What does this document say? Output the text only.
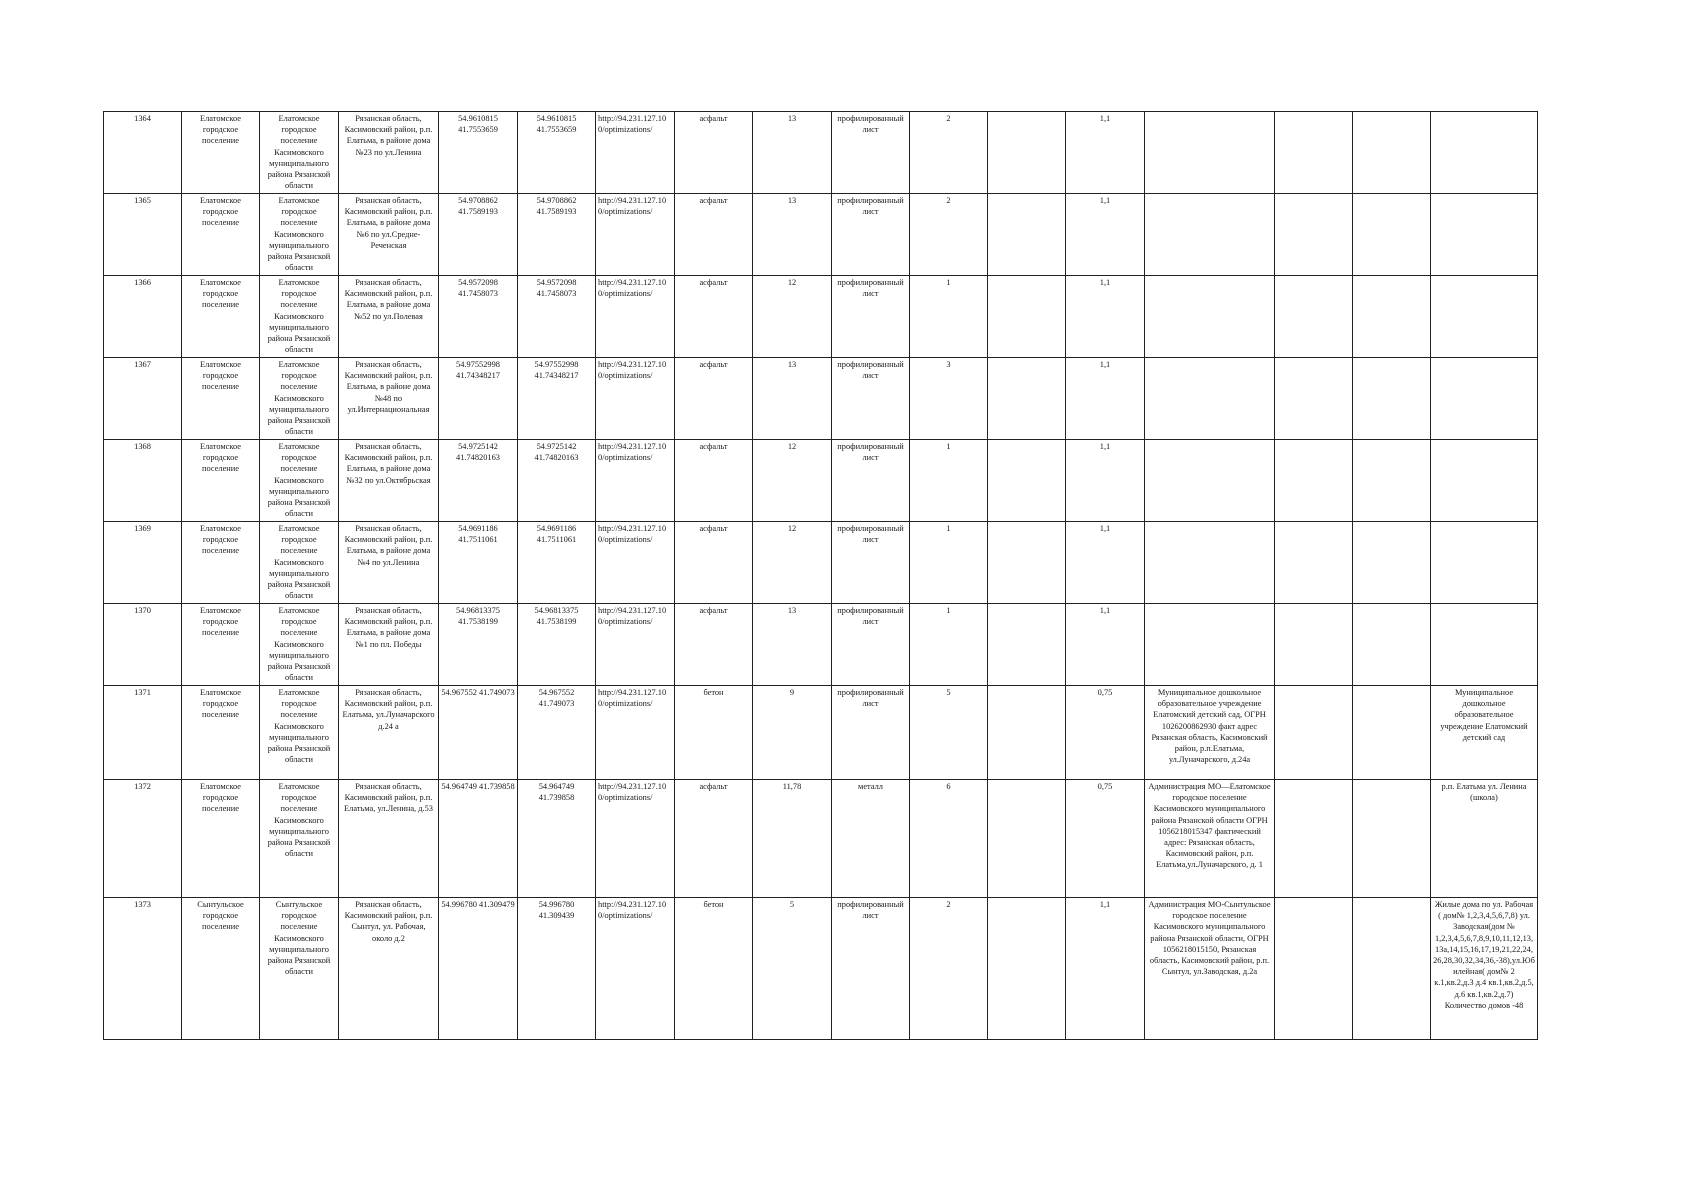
1364	Елатомское городское поселение	Елатомское городское поселение Касимовского муниципального района Рязанской области	Рязанская область, Касимовский район, р.п. Елатьма, в районе дома №23 по ул.Ленина	54.9610815 41.7553659	54.9610815 41.7553659	http://94.231.127.10 0/optimizations/	асфальт	13	профилированный лист	2		1,1				
1365	Елатомское городское поселение	Елатомское городское поселение Касимовского муниципального района Рязанской области	Рязанская область, Касимовский район, р.п. Елатьма, в районе дома №6 по ул.Средне-Реченская	54.9708862 41.7589193	54.9708862 41.7589193	http://94.231.127.10 0/optimizations/	асфальт	13	профилированный лист	2		1,1				
1366	Елатомское городское поселение	Елатомское городское поселение Касимовского муниципального района Рязанской области	Рязанская область, Касимовский район, р.п. Елатьма, в районе дома №52 по ул.Полевая	54.9572098 41.7458073	54.9572098 41.7458073	http://94.231.127.10 0/optimizations/	асфальт	12	профилированный лист	1		1,1				
1367	Елатомское городское поселение	Елатомское городское поселение Касимовского муниципального района Рязанской области	Рязанская область, Касимовский район, р.п. Елатьма, в районе дома №48 по ул.Интернациональная	54.97552998 41.74348217	54.97552998 41.74348217	http://94.231.127.10 0/optimizations/	асфальт	13	профилированный лист	3		1,1				
1368	Елатомское городское поселение	Елатомское городское поселение Касимовского муниципального района Рязанской области	Рязанская область, Касимовский район, р.п. Елатьма, в районе дома №32 по ул.Октябрьская	54.9725142 41.74820163	54.9725142 41.74820163	http://94.231.127.10 0/optimizations/	асфальт	12	профилированный лист	1		1,1				
1369	Елатомское городское поселение	Елатомское городское поселение Касимовского муниципального района Рязанской области	Рязанская область, Касимовский район, р.п. Елатьма, в районе дома №4 по ул.Ленина	54.9691186 41.7511061	54.9691186 41.7511061	http://94.231.127.10 0/optimizations/	асфальт	12	профилированный лист	1		1,1				
1370	Елатомское городское поселение	Елатомское городское поселение Касимовского муниципального района Рязанской области	Рязанская область, Касимовский район, р.п. Елатьма, в районе дома №1 по пл. Победы	54.96813375 41.7538199	54.96813375 41.7538199	http://94.231.127.10 0/optimizations/	асфальт	13	профилированный лист	1		1,1				
1371	Елатомское городское поселение	Елатомское городское поселение Касимовского муниципального района Рязанской области	Рязанская область, Касимовский район, р.п. Елатьма, ул.Луначарского д.24 а	54.967552 41.749073	54.967552 41.749073	http://94.231.127.10 0/optimizations/	бетон	9	профилированный лист	5		0,75	Муниципальное дошкольное образовательное учреждение Елатомский детский сад, ОГРН 1026200862930 факт адрес Рязанская область, Касимовский район, р.п.Елатьма, ул.Луначарского, д.24а			Муниципальное дошкольное образовательное учреждение Елатомский детский сад
1372	Елатомское городское поселение	Елатомское городское поселение Касимовского муниципального района Рязанской области	Рязанская область, Касимовский район, р.п. Елатьма, ул.Ленина, д.53	54.964749 41.739858	54.964749 41.739858	http://94.231.127.10 0/optimizations/	асфальт	11,78	металл	6		0,75	Администрация МО—Елатомское городское поселение Касимовского муниципального района Рязанской области ОГРН 1056218015347 фактический адрес: Рязанская область, Касимовский район, р.п. Елатьма,ул.Луначарского, д. 1			р.п. Елатьма ул. Ленина (школа)
1373	Сынтульское городское поселение	Сынтульское городское поселение Касимовского муниципального района Рязанской области	Рязанская область, Касимовский район, р.п. Сынтул, ул. Рабочая, около д.2	54.996780 41.309479	54.996780 41.309439	http://94.231.127.10 0/optimizations/	бетон	5	профилированный лист	2		1,1	Администрация МО-Сынтульское городское поселение Касимовского муниципального района Рязанской области, ОГРН 1056218015150, Рязанская область, Касимовский район, р.п. Сынтул, ул.Заводская, д.2а			Жилые дома по ул. Рабочая ( дом№ 1,2,3,4,5,6,7,8) ул. Заводская(дом № 1,2,3,4,5,6,7,8,9,10,11,12,13,13а,14,15,16,17,19,21,22,24,26,28,30,32,34,36,-38),ул.Юбилейная( дом№ 2 к.1,кв.2,д.3 д.4 кв.1,кв.2,д.5, д.6 кв.1,кв.2,д.7) Количество домов -48
